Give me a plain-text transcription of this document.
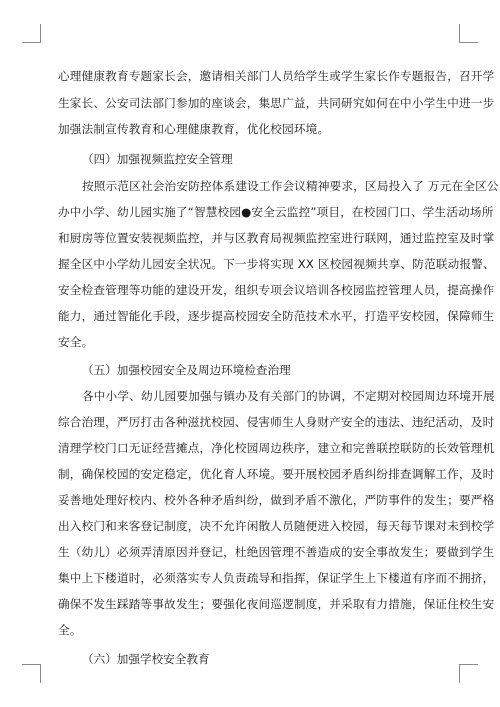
心理健康教育专题家长会，邀请相关部门人员给学生或学生家长作专题报告，召开学
生家长、公安司法部门参加的座谈会，集思广益，共同研究如何在中小学生中进一步
加强法制宣传教育和心理健康教育，优化校园环境。
（四）加强视频监控安全管理
按照示范区社会治安防控体系建设工作会议精神要求，区局投入了 万元在全区公
办中小学、幼儿园实施了“智慧校园●安全云监控”项目，在校园门口、学生活动场所
和厨房等位置安装视频监控，并与区教育局视频监控室进行联网，通过监控室及时掌
握全区中小学幼儿园安全状况。下一步将实现 XX 区校园视频共享、防范联动报警、
安全检查管理等功能的建设开发，组织专项会议培训各校园监控管理人员，提高操作
能力，通过智能化手段，逐步提高校园安全防范技术水平，打造平安校园，保障师生
安全。
（五）加强校园安全及周边环境检查治理
各中小学、幼儿园要加强与镇办及有关部门的协调，不定期对校园周边环境开展
综合治理，严厉打击各种滋扰校园、侵害师生人身财产安全的违法、违纪活动，及时
清理学校门口无证经营摊点，净化校园周边秩序，建立和完善联控联防的长效管理机
制，确保校园的安定稳定，优化育人环境。要开展校园矛盾纠纷排查调解工作，及时
妥善地处理好校内、校外各种矛盾纠纷，做到矛盾不激化，严防事件的发生；要严格
出入校门和来客登记制度，决不允许闲散人员随便进入校园，每天每节课对未到校学
生（幼儿）必须弄清原因并登记，杜绝因管理不善造成的安全事故发生；要做到学生
集中上下楼道时，必须落实专人负责疏导和指挥，保证学生上下楼道有序而不拥挤，
确保不发生踩踏等事故发生；要强化夜间巡逻制度，并采取有力措施，保证住校生安
全。
（六）加强学校安全教育
